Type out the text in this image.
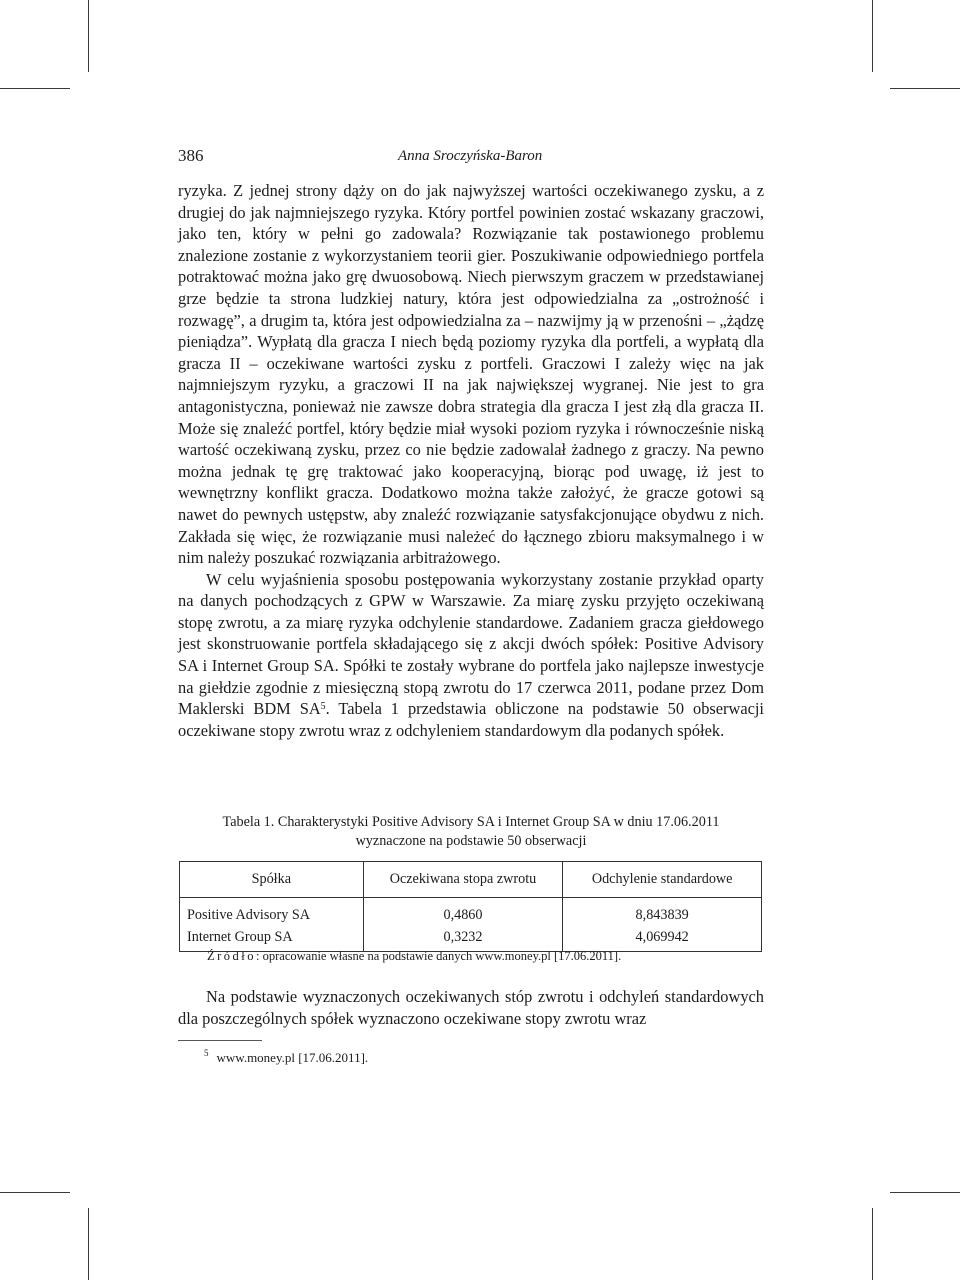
386	Anna Sroczyńska-Baron

ryzyka. Z jednej strony dąży on do jak najwyższej wartości oczekiwanego zysku, a z drugiej do jak najmniejszego ryzyka. Który portfel powinien zostać wskazany graczowi, jako ten, który w pełni go zadowala? Rozwiązanie tak postawionego problemu znalezione zostanie z wykorzystaniem teorii gier. Poszukiwanie odpowiedniego portfela potraktować można jako grę dwuosobową. Niech pierwszym graczem w przedstawianej grze będzie ta strona ludzkiej natury, która jest odpowiedzialna za „ostrożność i rozwagę”, a drugim ta, która jest odpowiedzialna za – nazwijmy ją w przenośni – „żądzę pieniądza”. Wypłatą dla gracza I niech będą poziomy ryzyka dla portfeli, a wypłatą dla gracza II – oczekiwane wartości zysku z portfeli. Graczowi I zależy więc na jak najmniejszym ryzyku, a graczowi II na jak największej wygranej. Nie jest to gra antagonistyczna, ponieważ nie zawsze dobra strategia dla gracza I jest złą dla gracza II. Może się znaleźć portfel, który będzie miał wysoki poziom ryzyka i równocześnie niską wartość oczekiwaną zysku, przez co nie będzie zadowalał żadnego z graczy. Na pewno można jednak tę grę traktować jako kooperacyjną, biorąc pod uwagę, iż jest to wewnętrzny konflikt gracza. Dodatkowo można także założyć, że gracze gotowi są nawet do pewnych ustępstw, aby znaleźć rozwiązanie satysfakcjonujące obydwu z nich. Zakłada się więc, że rozwiązanie musi należeć do łącznego zbioru maksymalnego i w nim należy poszukać rozwiązania arbitrażowego.

W celu wyjaśnienia sposobu postępowania wykorzystany zostanie przykład oparty na danych pochodzących z GPW w Warszawie. Za miarę zysku przyjęto oczekiwaną stopę zwrotu, a za miarę ryzyka odchylenie standardowe. Zadaniem gracza giełdowego jest skonstruowanie portfela składającego się z akcji dwóch spółek: Positive Advisory SA i Internet Group SA. Spółki te zostały wybrane do portfela jako najlepsze inwestycje na giełdzie zgodnie z miesięczną stopą zwrotu do 17 czerwca 2011, podane przez Dom Maklerski BDM SA$^5$. Tabela 1 przedstawia obliczone na podstawie 50 obserwacji oczekiwane stopy zwrotu wraz z odchyleniem standardowym dla podanych spółek.

Tabela 1. Charakterystyki Positive Advisory SA i Internet Group SA w dniu 17.06.2011
wyznaczone na podstawie 50 obserwacji
Spółka	Oczekiwana stopa zwrotu	Odchylenie standardowe
Positive Advisory SA	0,4860	8,843839
Internet Group SA	0,3232	4,069942
Źródło: opracowanie własne na podstawie danych www.money.pl [17.06.2011].

Na podstawie wyznaczonych oczekiwanych stóp zwrotu i odchyleń standardowych dla poszczególnych spółek wyznaczono oczekiwane stopy zwrotu wraz

$^5$ www.money.pl [17.06.2011].
